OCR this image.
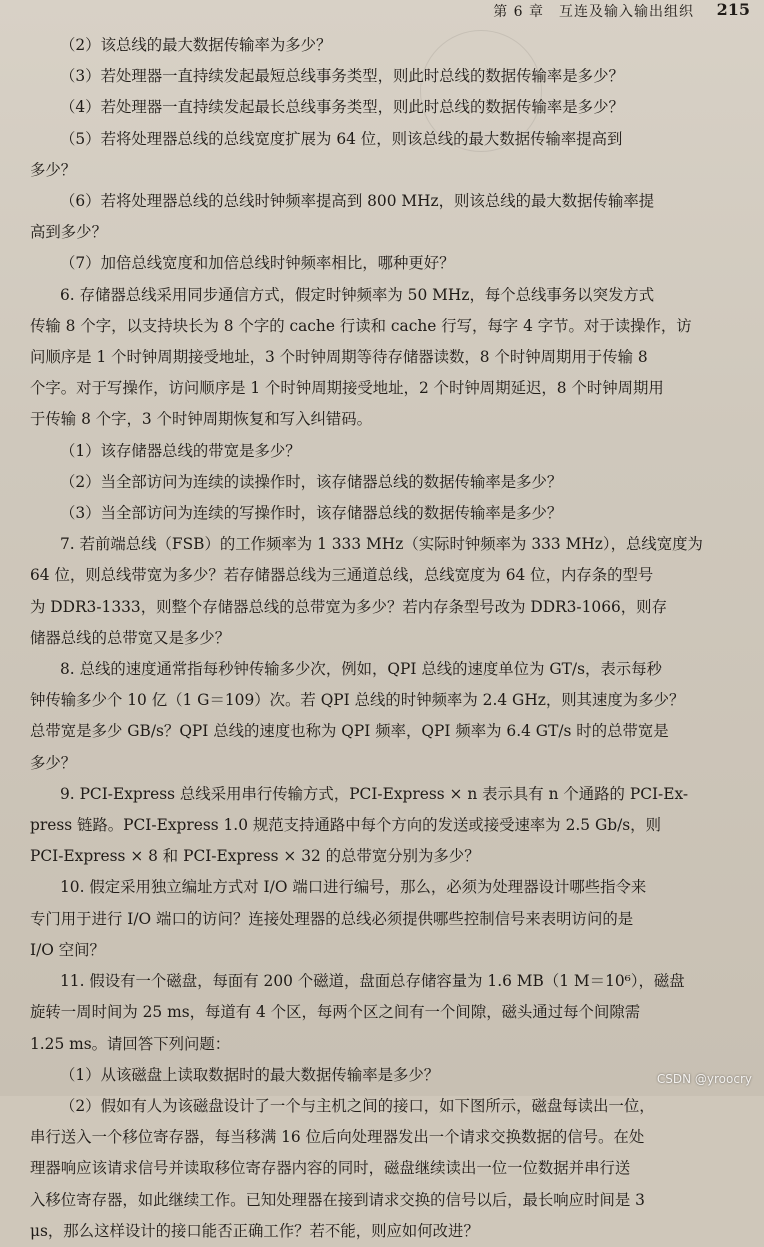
第 6 章　互连及输入输出组织 215
（2）该总线的最大数据传输率为多少？
（3）若处理器一直持续发起最短总线事务类型，则此时总线的数据传输率是多少？
（4）若处理器一直持续发起最长总线事务类型，则此时总线的数据传输率是多少？
（5）若将处理器总线的总线宽度扩展为 64 位，则该总线的最大数据传输率提高到
多少？
（6）若将处理器总线的总线时钟频率提高到 800 MHz，则该总线的最大数据传输率提
高到多少？
（7）加倍总线宽度和加倍总线时钟频率相比，哪种更好？
6. 存储器总线采用同步通信方式，假定时钟频率为 50 MHz，每个总线事务以突发方式
传输 8 个字，以支持块长为 8 个字的 cache 行读和 cache 行写，每字 4 字节。对于读操作，访
问顺序是 1 个时钟周期接受地址，3 个时钟周期等待存储器读数，8 个时钟周期用于传输 8
个字。对于写操作，访问顺序是 1 个时钟周期接受地址，2 个时钟周期延迟，8 个时钟周期用
于传输 8 个字，3 个时钟周期恢复和写入纠错码。
（1）该存储器总线的带宽是多少？
（2）当全部访问为连续的读操作时，该存储器总线的数据传输率是多少？
（3）当全部访问为连续的写操作时，该存储器总线的数据传输率是多少？
7. 若前端总线（FSB）的工作频率为 1 333 MHz（实际时钟频率为 333 MHz），总线宽度为
64 位，则总线带宽为多少？若存储器总线为三通道总线，总线宽度为 64 位，内存条的型号
为 DDR3-1333，则整个存储器总线的总带宽为多少？若内存条型号改为 DDR3-1066，则存
储器总线的总带宽又是多少？
8. 总线的速度通常指每秒钟传输多少次，例如，QPI 总线的速度单位为 GT/s，表示每秒
钟传输多少个 10 亿（1 G＝109）次。若 QPI 总线的时钟频率为 2.4 GHz，则其速度为多少？
总带宽是多少 GB/s？QPI 总线的速度也称为 QPI 频率，QPI 频率为 6.4 GT/s 时的总带宽是
多少？
9. PCI-Express 总线采用串行传输方式，PCI-Express × n 表示具有 n 个通路的 PCI-Ex-
press 链路。PCI-Express 1.0 规范支持通路中每个方向的发送或接受速率为 2.5 Gb/s，则
PCI-Express × 8 和 PCI-Express × 32 的总带宽分别为多少？
10. 假定采用独立编址方式对 I/O 端口进行编号，那么，必须为处理器设计哪些指令来
专门用于进行 I/O 端口的访问？连接处理器的总线必须提供哪些控制信号来表明访问的是
I/O 空间？
11. 假设有一个磁盘，每面有 200 个磁道，盘面总存储容量为 1.6 MB（1 M＝10⁶），磁盘
旋转一周时间为 25 ms，每道有 4 个区，每两个区之间有一个间隙，磁头通过每个间隙需
1.25 ms。请回答下列问题：
（1）从该磁盘上读取数据时的最大数据传输率是多少？
（2）假如有人为该磁盘设计了一个与主机之间的接口，如下图所示，磁盘每读出一位，
串行送入一个移位寄存器，每当移满 16 位后向处理器发出一个请求交换数据的信号。在处
理器响应该请求信号并读取移位寄存器内容的同时，磁盘继续读出一位一位数据并串行送
入移位寄存器，如此继续工作。已知处理器在接到请求交换的信号以后，最长响应时间是 3
μs，那么这样设计的接口能否正确工作？若不能，则应如何改进？
CSDN @yroocry
